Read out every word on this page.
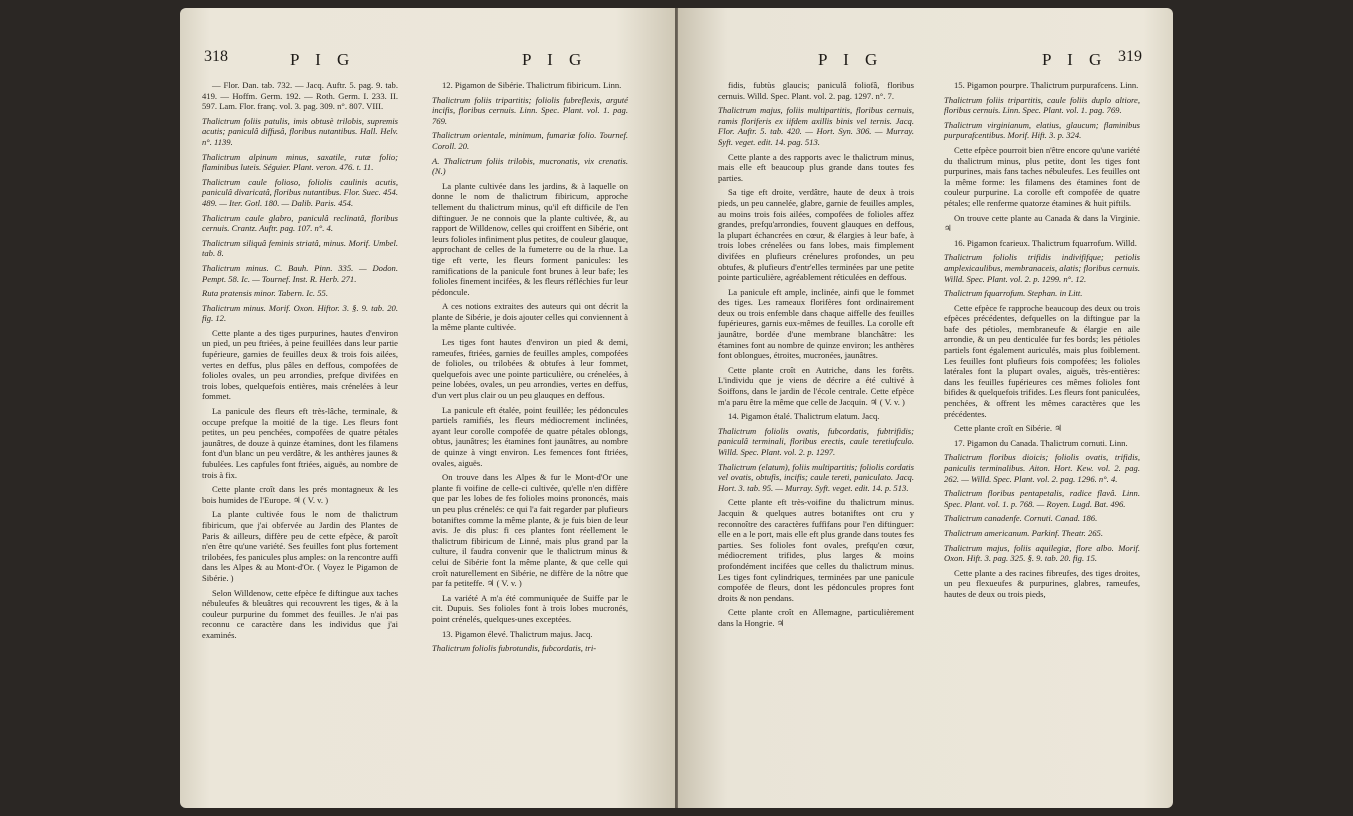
318	P I G	P I G

— Flor. Dan. tab. 732. — Jacq. Auftr. 5. pag. 9. tab. 419. — Hoffm. Germ. 192. — Roth. Germ. I. 233. II. 597. Lam. Flor. franç. vol. 3. pag. 309. n°. 807. VIII.

Thalictrum foliis patulis, imis obtusè trilobis, supremis acutis; paniculâ diffusâ, floribus nutantibus. Hall. Helv. n°. 1139.

Thalictrum alpinum minus, saxatile, rutæ folio; flaminibus luteis. Séguier. Plant. veron. 476. t. 11.

Thalictrum caule folioso, foliolis caulinis acutis, paniculâ divaricatâ, floribus nutantibus. Flor. Suec. 454. 489. — Iter. Gotl. 180. — Dalib. Paris. 454.

Thalictrum caule glabro, paniculâ reclinatâ, floribus cernuis. Crantz. Auftr. pag. 107. n°. 4.

Thalictrum siliquâ feminis striatâ, minus. Morif. Umbel. tab. 8.

Thalictrum minus. C. Bauh. Pinn. 335. — Dodon. Pempt. 58. Ic. — Tournef. Inst. R. Herb. 271.

Ruta pratensis minor. Tabern. Ic. 55.

Thalictrum minus. Morif. Oxon. Hiftor. 3. §. 9. tab. 20. fig. 12.

Cette plante a des tiges purpurines, hautes d'environ un pied, un peu ftriées, à peine feuillées dans leur partie fupérieure, garnies de feuilles deux & trois fois ailées, vertes en deffus, plus pâles en deffous, compofées de folioles ovales, un peu arrondies, prefque divifées en trois lobes, quelquefois entières, mais crénelées à leur fommet.

La panicule des fleurs eft très-lâche, terminale, & occupe prefque la moitié de la tige. Les fleurs font petites, un peu penchées, compofées de quatre pétales jaunâtres, de douze à quinze étamines, dont les filamens font d'un blanc un peu verdâtre, & les anthères jaunes & fubulées. Les capfules font ftriées, aiguës, au nombre de trois à fix.

Cette plante croît dans les prés montagneux & les bois humides de l'Europe. ♃ ( V. v. )

La plante cultivée fous le nom de thalictrum fibiricum, que j'ai obfervée au Jardin des Plantes de Paris & ailleurs, diffère peu de cette efpèce, & paroît n'en être qu'une variété. Ses feuilles font plus fortement trilobées, fes panicules plus amples: on la rencontre auffi dans les Alpes & au Mont-d'Or. ( Voyez le Pigamon de Sibérie. )

Selon Willdenow, cette efpèce fe diftingue aux taches nébuleufes & bleuâtres qui recouvrent les tiges, & à la couleur purpurine du fommet des feuilles. Je n'ai pas reconnu ce caractère dans les individus que j'ai examinés.

12. Pigamon de Sibérie. Thalictrum fibiricum. Linn.

Thalictrum foliis tripartitis; foliolis fubreflexis, arguté incifis, floribus cernuis. Linn. Spec. Plant. vol. 1. pag. 769.

Thalictrum orientale, minimum, fumariæ folio. Tournef. Coroll. 20.

A. Thalictrum foliis trilobis, mucronatis, vix crenatis. (N.)

La plante cultivée dans les jardins, & à laquelle on donne le nom de thalictrum fibiricum, approche tellement du thalictrum minus, qu'il eft difficile de l'en diftinguer. Je ne connois que la plante cultivée, &, au rapport de Willdenow, celles qui croiffent en Sibérie, ont leurs folioles infiniment plus petites, de couleur glauque, approchant de celles de la fumeterre ou de la rhue. La tige eft verte, les fleurs forment panicules: les ramifications de la panicule font brunes à leur bafe; les folioles finement incifées, & les fleurs réfléchies fur leur pédoncule.

A ces notions extraites des auteurs qui ont décrit la plante de Sibérie, je dois ajouter celles qui conviennent à la même plante cultivée.

Les tiges font hautes d'environ un pied & demi, rameufes, ftriées, garnies de feuilles amples, compofées de folioles, ou trilobées & obtufes à leur fommet, quelquefois avec une pointe particulière, ou crénelées, à peine lobées, ovales, un peu arrondies, vertes en deffus, d'un vert plus clair ou un peu glauques en deffous.

La panicule eft étalée, point feuillée; les pédoncules partiels ramifiés, les fleurs médiocrement inclinées, ayant leur corolle compofée de quatre pétales oblongs, obtus, jaunâtres; les étamines font jaunâtres, au nombre de quinze à vingt environ. Les femences font ftriées, ovales, aiguës.

On trouve dans les Alpes & fur le Mont-d'Or une plante fi voifine de celle-ci cultivée, qu'elle n'en diffère que par les lobes de fes folioles moins prononcés, mais un peu plus crénelés: ce qui l'a fait regarder par plufieurs botaniftes comme la même plante, & je fuis bien de leur avis. Je dis plus: fi ces plantes font réellement le thalictrum fibiricum de Linné, mais plus grand par la culture, il faudra convenir que le thalictrum minus & celui de Sibérie font la même plante, & que celle qui croît naturellement en Sibérie, ne diffère de la nôtre que par fa petiteffe. ♃ ( V. v. )

La variété A m'a été communiquée de Suiffe par le cit. Dupuis. Ses folioles font à trois lobes mucronés, point crénelés, quelques-unes exceptées.

13. Pigamon élevé. Thalictrum majus. Jacq.

Thalictrum foliolis fubrotundis, fubcordatis, tri-

P I G	P I G 319

fidis, fubtùs glaucis; paniculâ foliofâ, floribus cernuis. Willd. Spec. Plant. vol. 2. pag. 1297. n°. 7.

Thalictrum majus, foliis multipartitis, floribus cernuis, ramis floriferis ex iifdem axillis binis vel ternis. Jacq. Flor. Auftr. 5. tab. 420. — Hort. Syn. 306. — Murray. Syft. veget. edit. 14. pag. 513.

Cette plante a des rapports avec le thalictrum minus, mais elle eft beaucoup plus grande dans toutes fes parties.

Sa tige eft droite, verdâtre, haute de deux à trois pieds, un peu cannelée, glabre, garnie de feuilles amples, au moins trois fois ailées, compofées de folioles affez grandes, prefqu'arrondies, fouvent glauques en deffous, la plupart échancrées en cœur, & élargies à leur bafe, à trois lobes crénelées ou fans lobes, mais fimplement divifées en plufieurs crénelures profondes, un peu obtufes, & plufieurs d'entr'elles terminées par une petite pointe particulière, agréablement réticulées en deffous.

La panicule eft ample, inclinée, ainfi que le fommet des tiges. Les rameaux florifères font ordinairement deux ou trois enfemble dans chaque aiffelle des feuilles fupérieures, garnis eux-mêmes de feuilles. La corolle eft jaunâtre, bordée d'une membrane blanchâtre: les étamines font au nombre de quinze environ; les anthères font oblongues, étroites, mucronées, jaunâtres.

Cette plante croît en Autriche, dans les forêts. L'individu que je viens de décrire a été cultivé à Soiffons, dans le jardin de l'école centrale. Cette efpèce m'a paru être la même que celle de Jacquin. ♃ ( V. v. )

14. Pigamon étalé. Thalictrum elatum. Jacq.

Thalictrum foliolis ovatis, fubcordatis, fubtrifidis; paniculâ terminali, floribus erectis, caule teretiufculo. Willd. Spec. Plant. vol. 2. p. 1297.

Thalictrum (elatum), foliis multipartitis; foliolis cordatis vel ovatis, obtufis, incifis; caule tereti, paniculato. Jacq. Hort. 3. tab. 95. — Murray. Syft. veget. edit. 14. p. 513.

Cette plante eft très-voifine du thalictrum minus. Jacquin & quelques autres botaniftes ont cru y reconnoître des caractères fuffifans pour l'en diftinguer: elle en a le port, mais elle eft plus grande dans toutes fes parties. Ses folioles font ovales, prefqu'en cœur, médiocrement trifides, plus larges & moins profondément incifées que celles du thalictrum minus. Les tiges font cylindriques, terminées par une panicule compofée de fleurs, dont les pédoncules propres font droits & non pendans.

Cette plante croît en Allemagne, particulièrement dans la Hongrie. ♃

15. Pigamon pourpre. Thalictrum purpurafcens. Linn.

Thalictrum foliis tripartitis, caule foliis duplo altiore, floribus cernuis. Linn. Spec. Plant. vol. 1. pag. 769.

Thalictrum virginianum, elatius, glaucum; flaminibus purpurafcentibus. Morif. Hift. 3. p. 324.

Cette efpèce pourroit bien n'être encore qu'une variété du thalictrum minus, plus petite, dont les tiges font purpurines, mais fans taches nébuleufes. Les feuilles ont la même forme: les filamens des étamines font de couleur purpurine. La corolle eft compofée de quatre pétales; elle renferme quatorze étamines & huit piftils.

On trouve cette plante au Canada & dans la Virginie. ♃

16. Pigamon fcarieux. Thalictrum fquarrofum. Willd.

Thalictrum foliolis trifidis indivififque; petiolis amplexicaulibus, membranaceis, alatis; floribus cernuis. Willd. Spec. Plant. vol. 2. p. 1299. n°. 12.

Thalictrum fquarrofum. Stephan. in Litt.

Cette efpèce fe rapproche beaucoup des deux ou trois efpèces précédentes, defquelles on la diftingue par la bafe des pétioles, membraneufe & élargie en aile arrondie, & un peu denticulée fur fes bords; les pétioles partiels font également auriculés, mais plus foiblement. Les feuilles font plufieurs fois compofées; les folioles latérales font la plupart ovales, aiguës, très-entières: dans les feuilles fupérieures ces mêmes folioles font bifides & quelquefois trifides. Les fleurs font paniculées, penchées, & offrent les mêmes caractères que les précédentes.

Cette plante croît en Sibérie. ♃

17. Pigamon du Canada. Thalictrum cornuti. Linn.

Thalictrum floribus dioicis; foliolis ovatis, trifidis, paniculis terminalibus. Aiton. Hort. Kew. vol. 2. pag. 262. — Willd. Spec. Plant. vol. 2. pag. 1296. n°. 4.

Thalictrum floribus pentapetalis, radice flavâ. Linn. Spec. Plant. vol. 1. p. 768. — Royen. Lugd. Bat. 496.

Thalictrum canadenfe. Cornuti. Canad. 186.

Thalictrum americanum. Parkinf. Theatr. 265.

Thalictrum majus, foliis aquilegiæ, flore albo. Morif. Oxon. Hift. 3. pag. 325. §. 9. tab. 20. fig. 15.

Cette plante a des racines fibreufes, des tiges droites, un peu flexueufes & purpurines, glabres, rameufes, hautes de deux ou trois pieds,
